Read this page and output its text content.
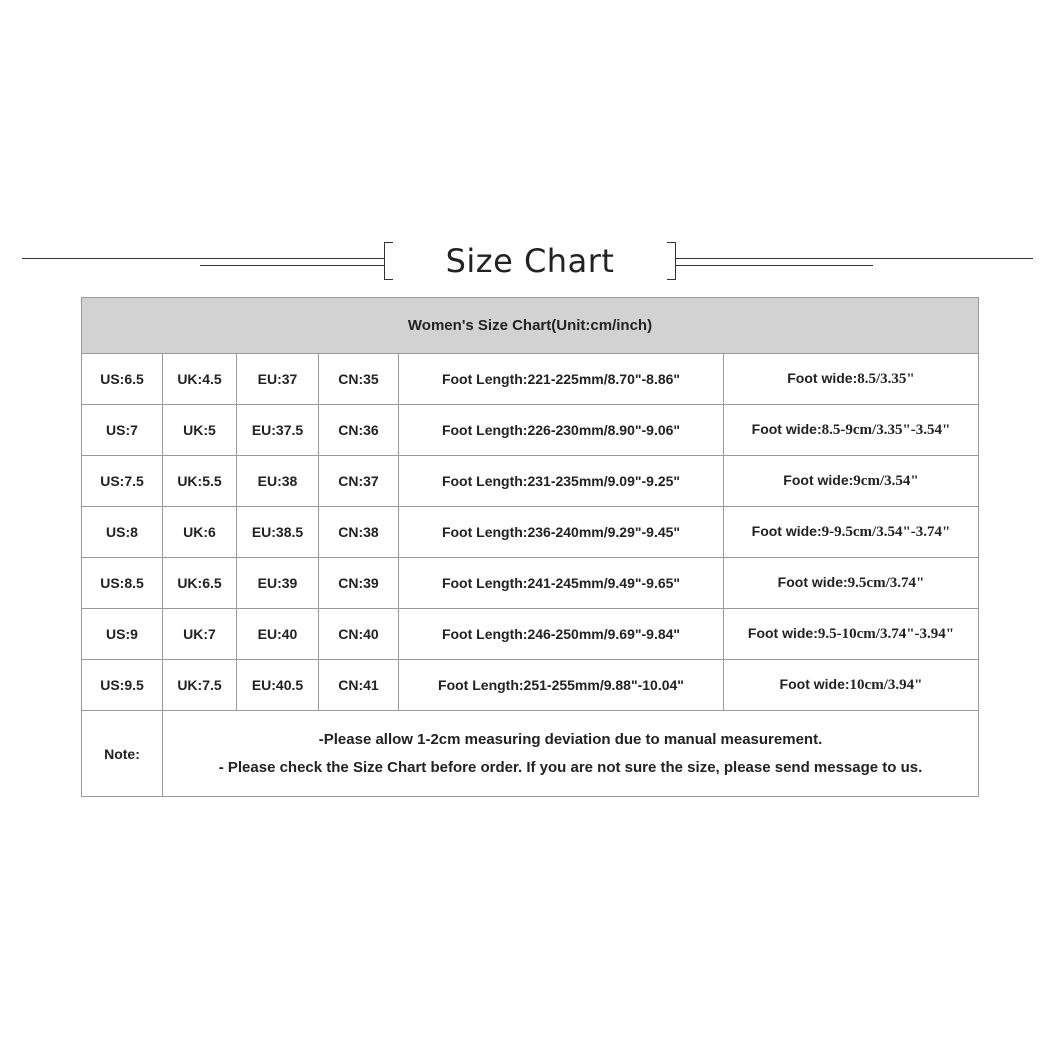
Size Chart
Women's Size Chart(Unit:cm/inch)					
US:6.5	UK:4.5	EU:37	CN:35	Foot Length:221-225mm/8.70"-8.86"	Foot wide:8.5/3.35"
US:7	UK:5	EU:37.5	CN:36	Foot Length:226-230mm/8.90"-9.06"	Foot wide:8.5-9cm/3.35"-3.54"
US:7.5	UK:5.5	EU:38	CN:37	Foot Length:231-235mm/9.09"-9.25"	Foot wide:9cm/3.54"
US:8	UK:6	EU:38.5	CN:38	Foot Length:236-240mm/9.29"-9.45"	Foot wide:9-9.5cm/3.54"-3.74"
US:8.5	UK:6.5	EU:39	CN:39	Foot Length:241-245mm/9.49"-9.65"	Foot wide:9.5cm/3.74"
US:9	UK:7	EU:40	CN:40	Foot Length:246-250mm/9.69"-9.84"	Foot wide:9.5-10cm/3.74"-3.94"
US:9.5	UK:7.5	EU:40.5	CN:41	Foot Length:251-255mm/9.88"-10.04"	Foot wide:10cm/3.94"
Note:	-Please allow 1-2cm measuring deviation due to manual measurement.
- Please check the Size Chart before order. If you are not sure the size, please send message to us.				
